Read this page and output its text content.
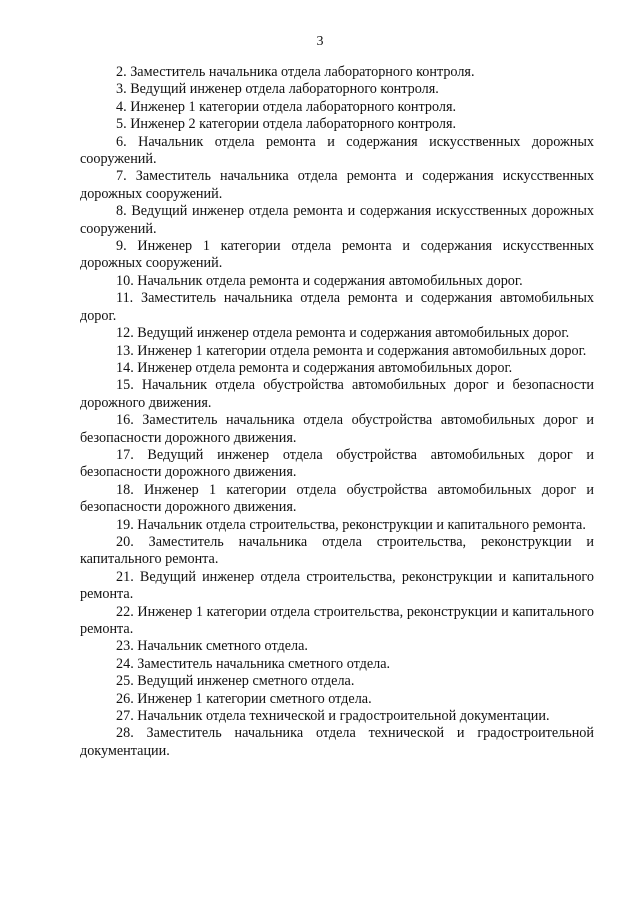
3

2. Заместитель начальника отдела лабораторного контроля.

3. Ведущий инженер отдела лабораторного контроля.

4. Инженер 1 категории отдела лабораторного контроля.

5. Инженер 2 категории отдела лабораторного контроля.

6. Начальник отдела ремонта и содержания искусственных дорожных сооружений.

7. Заместитель начальника отдела ремонта и содержания искусственных дорожных сооружений.

8. Ведущий инженер отдела ремонта и содержания искусственных дорожных сооружений.

9. Инженер 1 категории отдела ремонта и содержания искусственных дорожных сооружений.

10. Начальник отдела ремонта и содержания автомобильных дорог.

11. Заместитель начальника отдела ремонта и содержания автомобильных дорог.

12. Ведущий инженер отдела ремонта и содержания автомобильных дорог.

13. Инженер 1 категории отдела ремонта и содержания автомобильных дорог.

14. Инженер отдела ремонта и содержания автомобильных дорог.

15. Начальник отдела обустройства автомобильных дорог и безопасности дорожного движения.

16. Заместитель начальника отдела обустройства автомобильных дорог и безопасности дорожного движения.

17. Ведущий инженер отдела обустройства автомобильных дорог и безопасности дорожного движения.

18. Инженер 1 категории отдела обустройства автомобильных дорог и безопасности дорожного движения.

19. Начальник отдела строительства, реконструкции и капитального ремонта.

20. Заместитель начальника отдела строительства, реконструкции и капитального ремонта.

21. Ведущий инженер отдела строительства, реконструкции и капитального ремонта.

22. Инженер 1 категории отдела строительства, реконструкции и капитального ремонта.

23. Начальник сметного отдела.

24. Заместитель начальника сметного отдела.

25. Ведущий инженер сметного отдела.

26. Инженер 1 категории сметного отдела.

27. Начальник отдела технической и градостроительной документации.

28. Заместитель начальника отдела технической и градостроительной документации.
